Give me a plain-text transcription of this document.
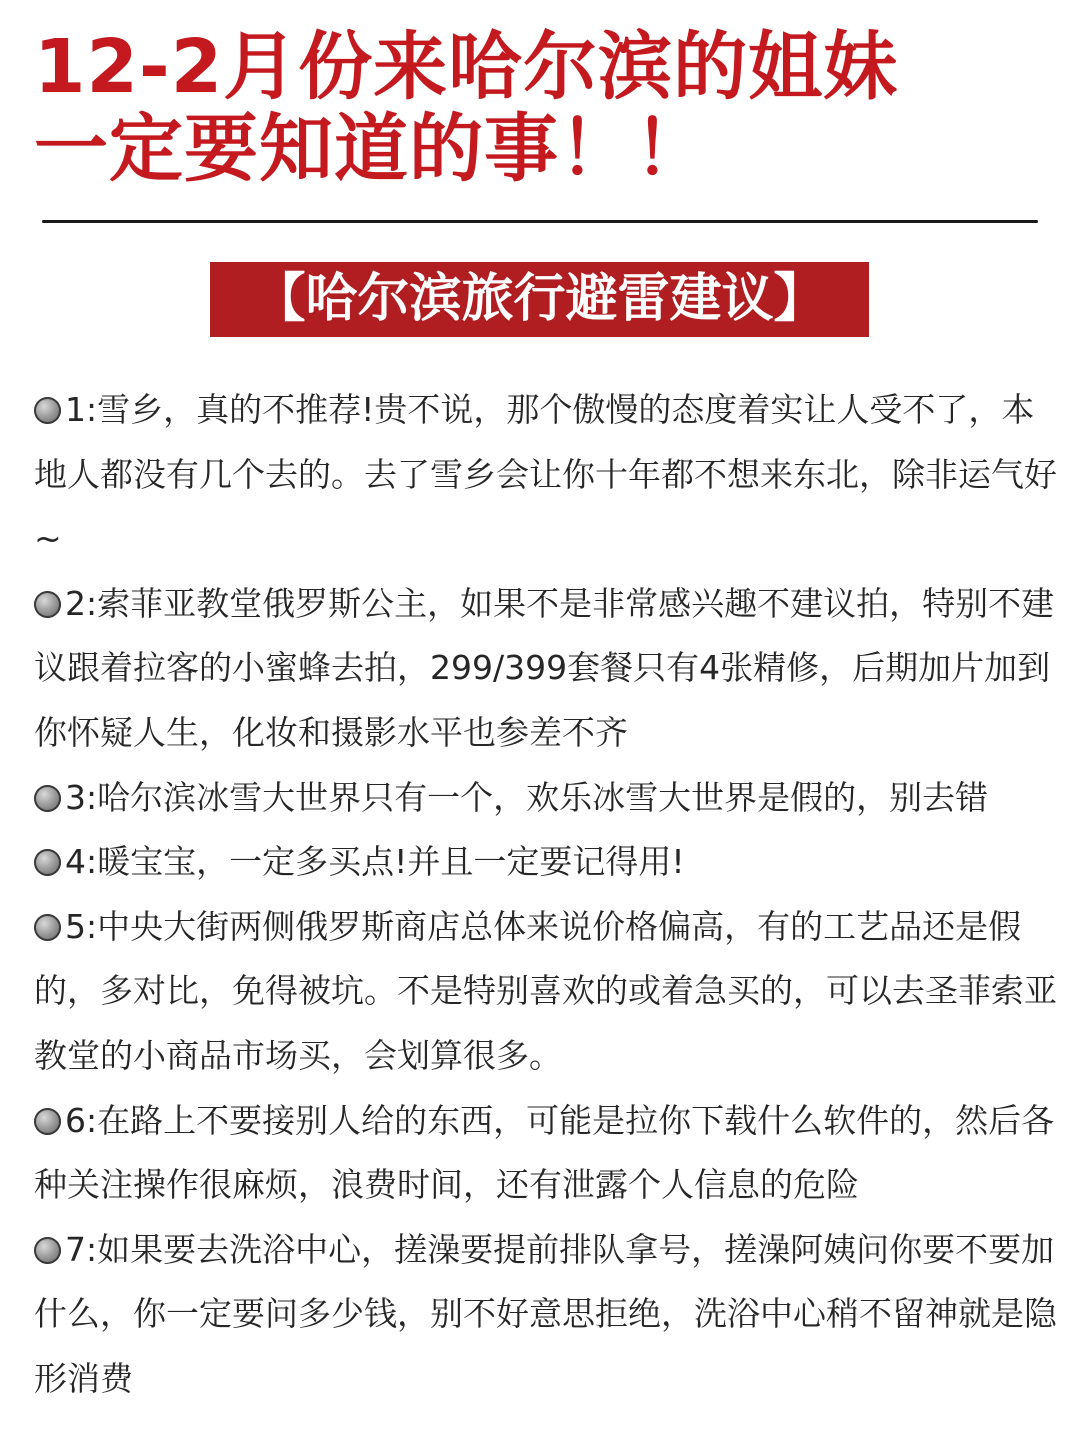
12-2月份来哈尔滨的姐妹
一定要知道的事！！
【哈尔滨旅行避雷建议】

1:雪乡，真的不推荐!贵不说，那个傲慢的态度着实让人受不了，本地人都没有几个去的。去了雪乡会让你十年都不想来东北，除非运气好~

2:索菲亚教堂俄罗斯公主，如果不是非常感兴趣不建议拍，特别不建议跟着拉客的小蜜蜂去拍，299/399套餐只有4张精修，后期加片加到你怀疑人生，化妆和摄影水平也参差不齐

3:哈尔滨冰雪大世界只有一个，欢乐冰雪大世界是假的，别去错

4:暖宝宝，一定多买点!并且一定要记得用!

5:中央大街两侧俄罗斯商店总体来说价格偏高，有的工艺品还是假的，多对比，免得被坑。不是特别喜欢的或着急买的，可以去圣菲索亚教堂的小商品市场买，会划算很多。

6:在路上不要接别人给的东西，可能是拉你下载什么软件的，然后各种关注操作很麻烦，浪费时间，还有泄露个人信息的危险

7:如果要去洗浴中心，搓澡要提前排队拿号，搓澡阿姨问你要不要加什么，你一定要问多少钱，别不好意思拒绝，洗浴中心稍不留神就是隐形消费
